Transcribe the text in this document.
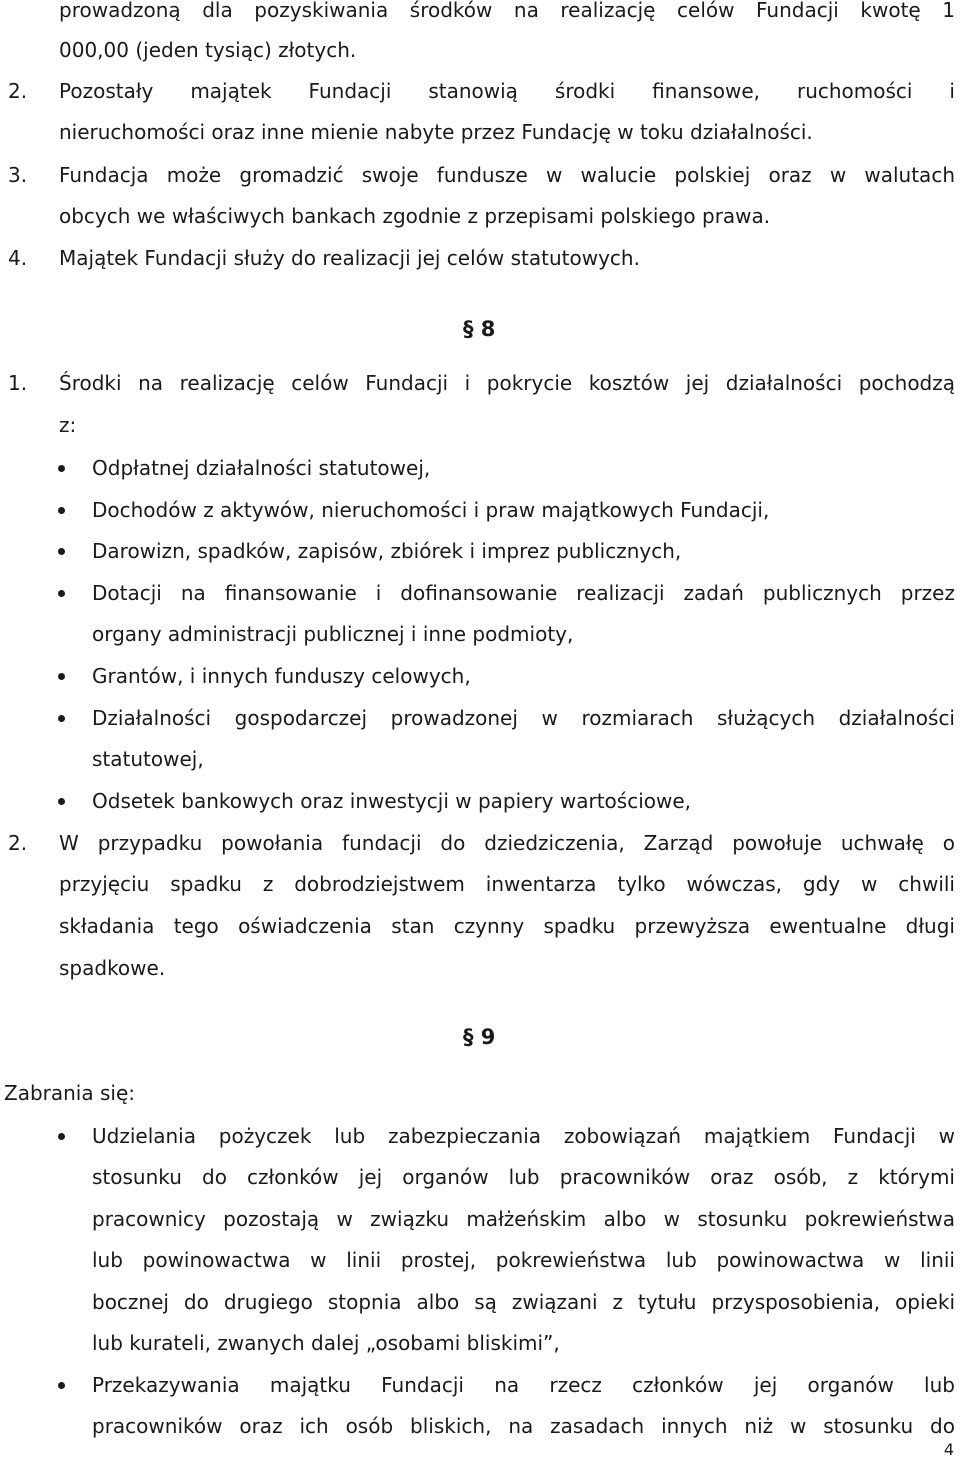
prowadzoną dla pozyskiwania środków na realizację celów Fundacji kwotę 1
000,00 (jeden tysiąc) złotych.
2. Pozostały majątek Fundacji stanowią środki finansowe, ruchomości i
nieruchomości oraz inne mienie nabyte przez Fundację w toku działalności.
3. Fundacja może gromadzić swoje fundusze w walucie polskiej oraz w walutach
obcych we właściwych bankach zgodnie z przepisami polskiego prawa.
4. Majątek Fundacji służy do realizacji jej celów statutowych.
§ 8
1. Środki na realizację celów Fundacji i pokrycie kosztów jej działalności pochodzą
z:
Odpłatnej działalności statutowej,
Dochodów z aktywów, nieruchomości i praw majątkowych Fundacji,
Darowizn, spadków, zapisów, zbiórek i imprez publicznych,
Dotacji na finansowanie i dofinansowanie realizacji zadań publicznych przez
organy administracji publicznej i inne podmioty,
Grantów, i innych funduszy celowych,
Działalności gospodarczej prowadzonej w rozmiarach służących działalności
statutowej,
Odsetek bankowych oraz inwestycji w papiery wartościowe,
2. W przypadku powołania fundacji do dziedziczenia, Zarząd powołuje uchwałę o
przyjęciu spadku z dobrodziejstwem inwentarza tylko wówczas, gdy w chwili
składania tego oświadczenia stan czynny spadku przewyższa ewentualne długi
spadkowe.
§ 9
Zabrania się:
Udzielania pożyczek lub zabezpieczania zobowiązań majątkiem Fundacji w
stosunku do członków jej organów lub pracowników oraz osób, z którymi
pracownicy pozostają w związku małżeńskim albo w stosunku pokrewieństwa
lub powinowactwa w linii prostej, pokrewieństwa lub powinowactwa w linii
bocznej do drugiego stopnia albo są związani z tytułu przysposobienia, opieki
lub kurateli, zwanych dalej „osobami bliskimi”,
Przekazywania majątku Fundacji na rzecz członków jej organów lub
pracowników oraz ich osób bliskich, na zasadach innych niż w stosunku do
4
